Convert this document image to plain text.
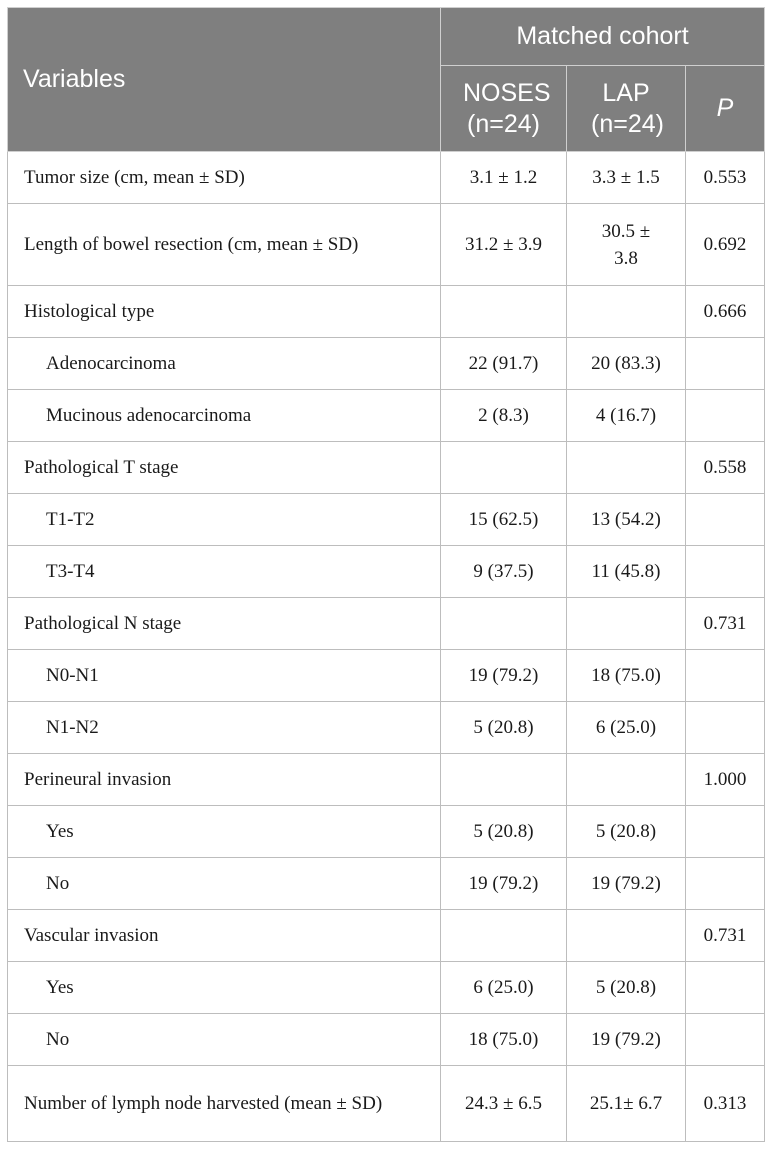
Variables	Matched cohort		
	NOSES (n=24)	LAP (n=24)	P
Tumor size (cm, mean ± SD)	3.1 ± 1.2	3.3 ± 1.5	0.553
Length of bowel resection (cm, mean ± SD)	31.2 ± 3.9	30.5 ± 3.8	0.692
Histological type			0.666
Adenocarcinoma	22 (91.7)	20 (83.3)	
Mucinous adenocarcinoma	2 (8.3)	4 (16.7)	
Pathological T stage			0.558
T1-T2	15 (62.5)	13 (54.2)	
T3-T4	9 (37.5)	11 (45.8)	
Pathological N stage			0.731
N0-N1	19 (79.2)	18 (75.0)	
N1-N2	5 (20.8)	6 (25.0)	
Perineural invasion			1.000
Yes	5 (20.8)	5 (20.8)	
No	19 (79.2)	19 (79.2)	
Vascular invasion			0.731
Yes	6 (25.0)	5 (20.8)	
No	18 (75.0)	19 (79.2)	
Number of lymph node harvested (mean ± SD)	24.3 ± 6.5	25.1± 6.7	0.313
